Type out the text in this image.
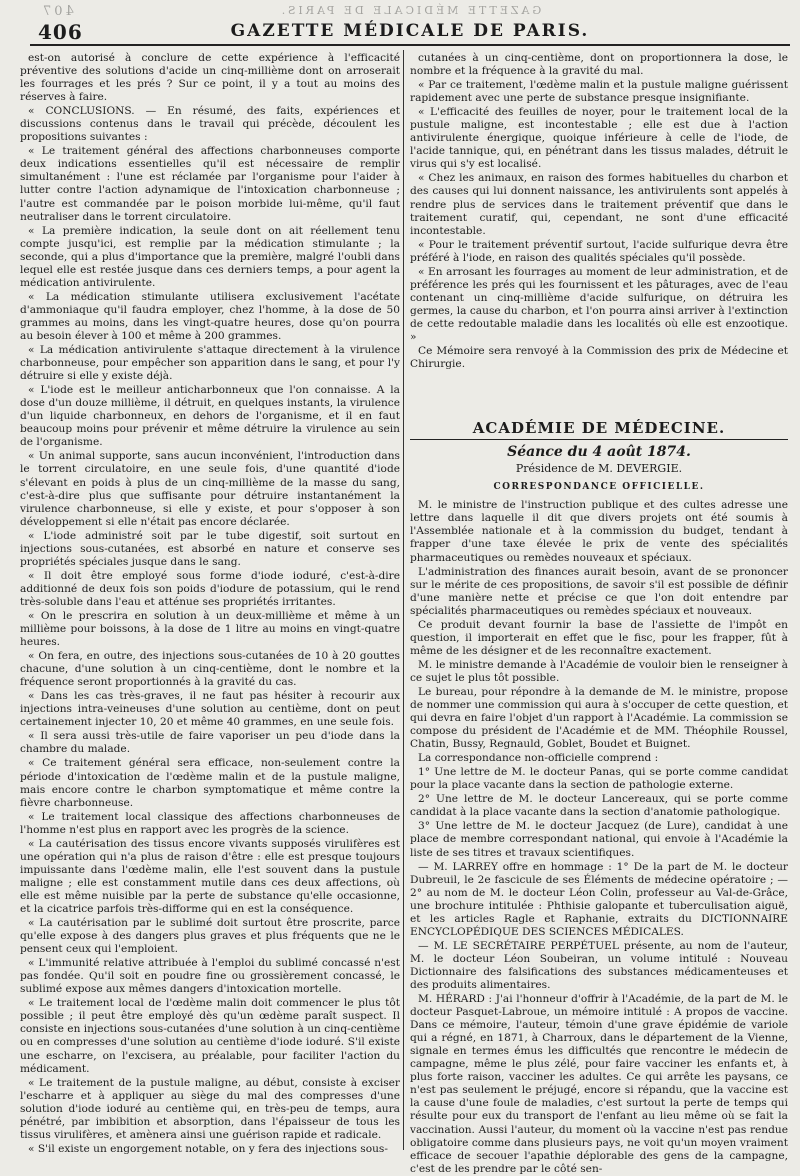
GAZETTE MÉDICALE DE PARIS.
407
GAZETTE MÉDICALE DE PARIS.
406

est-on autorisé à conclure de cette expérience à l'efficacité préventive des solutions d'acide un cinq-millième dont on arroserait les fourrages et les prés ? Sur ce point, il y a tout au moins des réserves à faire.

« CONCLUSIONS. — En résumé, des faits, expériences et discussions contenus dans le travail qui précède, découlent les propositions suivantes :

« Le traitement général des affections charbonneuses comporte deux indications essentielles qu'il est nécessaire de remplir simultanément : l'une est réclamée par l'organisme pour l'aider à lutter contre l'action adynamique de l'intoxication charbonneuse ; l'autre est commandée par le poison morbide lui-même, qu'il faut neutraliser dans le torrent circulatoire.

« La première indication, la seule dont on ait réellement tenu compte jusqu'ici, est remplie par la médication stimulante ; la seconde, qui a plus d'importance que la première, malgré l'oubli dans lequel elle est restée jusque dans ces derniers temps, a pour agent la médication antivirulente.

« La médication stimulante utilisera exclusivement l'acétate d'ammoniaque qu'il faudra employer, chez l'homme, à la dose de 50 grammes au moins, dans les vingt-quatre heures, dose qu'on pourra au besoin élever à 100 et même à 200 grammes.

« La médication antivirulente s'attaque directement à la virulence charbonneuse, pour empêcher son apparition dans le sang, et pour l'y détruire si elle y existe déjà.

« L'iode est le meilleur anticharbonneux que l'on connaisse. A la dose d'un douze millième, il détruit, en quelques instants, la virulence d'un liquide charbonneux, en dehors de l'organisme, et il en faut beaucoup moins pour prévenir et même détruire la virulence au sein de l'organisme.

« Un animal supporte, sans aucun inconvénient, l'introduction dans le torrent circulatoire, en une seule fois, d'une quantité d'iode s'élevant en poids à plus de un cinq-millième de la masse du sang, c'est-à-dire plus que suffisante pour détruire instantanément la virulence charbonneuse, si elle y existe, et pour s'opposer à son développement si elle n'était pas encore déclarée.

« L'iode administré soit par le tube digestif, soit surtout en injections sous-cutanées, est absorbé en nature et conserve ses propriétés spéciales jusque dans le sang.

« Il doit être employé sous forme d'iode ioduré, c'est-à-dire additionné de deux fois son poids d'iodure de potassium, qui le rend très-soluble dans l'eau et atténue ses propriétés irritantes.

« On le prescrira en solution à un deux-millième et même à un millième pour boissons, à la dose de 1 litre au moins en vingt-quatre heures.

« On fera, en outre, des injections sous-cutanées de 10 à 20 gouttes chacune, d'une solution à un cinq-centième, dont le nombre et la fréquence seront proportionnés à la gravité du cas.

« Dans les cas très-graves, il ne faut pas hésiter à recourir aux injections intra-veineuses d'une solution au centième, dont on peut certainement injecter 10, 20 et même 40 grammes, en une seule fois.

« Il sera aussi très-utile de faire vaporiser un peu d'iode dans la chambre du malade.

« Ce traitement général sera efficace, non-seulement contre la période d'intoxication de l'œdème malin et de la pustule maligne, mais encore contre le charbon symptomatique et même contre la fièvre charbonneuse.

« Le traitement local classique des affections charbonneuses de l'homme n'est plus en rapport avec les progrès de la science.

« La cautérisation des tissus encore vivants supposés virulifères est une opération qui n'a plus de raison d'être : elle est presque toujours impuissante dans l'œdème malin, elle l'est souvent dans la pustule maligne ; elle est constamment mutile dans ces deux affections, où elle est même nuisible par la perte de substance qu'elle occasionne, et la cicatrice parfois très-difforme qui en est la conséquence.

« La cautérisation par le sublimé doit surtout être proscrite, parce qu'elle expose à des dangers plus graves et plus fréquents que ne le pensent ceux qui l'emploient.

« L'immunité relative attribuée à l'emploi du sublimé concassé n'est pas fondée. Qu'il soit en poudre fine ou grossièrement concassé, le sublimé expose aux mêmes dangers d'intoxication mortelle.

« Le traitement local de l'œdème malin doit commencer le plus tôt possible ; il peut être employé dès qu'un œdème paraît suspect. Il consiste en injections sous-cutanées d'une solution à un cinq-centième ou en compresses d'une solution au centième d'iode ioduré. S'il existe une escharre, on l'excisera, au préalable, pour faciliter l'action du médicament.

« Le traitement de la pustule maligne, au début, consiste à exciser l'escharre et à appliquer au siège du mal des compresses d'une solution d'iode ioduré au centième qui, en très-peu de temps, aura pénétré, par imbibition et absorption, dans l'épaisseur de tous les tissus virulifères, et amènera ainsi une guérison rapide et radicale.

« S'il existe un engorgement notable, on y fera des injections sous-

cutanées à un cinq-centième, dont on proportionnera la dose, le nombre et la fréquence à la gravité du mal.

« Par ce traitement, l'œdème malin et la pustule maligne guérissent rapidement avec une perte de substance presque insignifiante.

« L'efficacité des feuilles de noyer, pour le traitement local de la pustule maligne, est incontestable ; elle est due à l'action antivirulente énergique, quoique inférieure à celle de l'iode, de l'acide tannique, qui, en pénétrant dans les tissus malades, détruit le virus qui s'y est localisé.

« Chez les animaux, en raison des formes habituelles du charbon et des causes qui lui donnent naissance, les antivirulents sont appelés à rendre plus de services dans le traitement préventif que dans le traitement curatif, qui, cependant, ne sont d'une efficacité incontestable.

« Pour le traitement préventif surtout, l'acide sulfurique devra être préféré à l'iode, en raison des qualités spéciales qu'il possède.

« En arrosant les fourrages au moment de leur administration, et de préférence les prés qui les fournissent et les pâturages, avec de l'eau contenant un cinq-millième d'acide sulfurique, on détruira les germes, la cause du charbon, et l'on pourra ainsi arriver à l'extinction de cette redoutable maladie dans les localités où elle est enzootique. »

Ce Mémoire sera renvoyé à la Commission des prix de Médecine et Chirurgie.

ACADÉMIE DE MÉDECINE.
Séance du 4 août 1874.
Présidence de M. DEVERGIE.
CORRESPONDANCE OFFICIELLE.

M. le ministre de l'instruction publique et des cultes adresse une lettre dans laquelle il dit que divers projets ont été soumis à l'Assemblée nationale et à la commission du budget, tendant à frapper d'une taxe élevée le prix de vente des spécialités pharmaceutiques ou remèdes nouveaux et spéciaux.

L'administration des finances aurait besoin, avant de se prononcer sur le mérite de ces propositions, de savoir s'il est possible de définir d'une manière nette et précise ce que l'on doit entendre par spécialités pharmaceutiques ou remèdes spéciaux et nouveaux.

Ce produit devant fournir la base de l'assiette de l'impôt en question, il importerait en effet que le fisc, pour les frapper, fût à même de les désigner et de les reconnaître exactement.

M. le ministre demande à l'Académie de vouloir bien le renseigner à ce sujet le plus tôt possible.

Le bureau, pour répondre à la demande de M. le ministre, propose de nommer une commission qui aura à s'occuper de cette question, et qui devra en faire l'objet d'un rapport à l'Académie. La commission se compose du président de l'Académie et de MM. Théophile Roussel, Chatin, Bussy, Regnauld, Goblet, Boudet et Buignet.

La correspondance non-officielle comprend :

1° Une lettre de M. le docteur Panas, qui se porte comme candidat pour la place vacante dans la section de pathologie externe.

2° Une lettre de M. le docteur Lancereaux, qui se porte comme candidat à la place vacante dans la section d'anatomie pathologique.

3° Une lettre de M. le docteur Jacquez (de Lure), candidat à une place de membre correspondant national, qui envoie à l'Académie la liste de ses titres et travaux scientifiques.

— M. LARREY offre en hommage : 1° De la part de M. le docteur Dubreuil, le 2e fascicule de ses Éléments de médecine opératoire ; — 2° au nom de M. le docteur Léon Colin, professeur au Val-de-Grâce, une brochure intitulée : Phthisie galopante et tuberculisation aiguë, et les articles Ragle et Raphanie, extraits du DICTIONNAIRE ENCYCLOPÉDIQUE DES SCIENCES MÉDICALES.

— M. LE SECRÉTAIRE PERPÉTUEL présente, au nom de l'auteur, M. le docteur Léon Soubeiran, un volume intitulé : Nouveau Dictionnaire des falsifications des substances médicamenteuses et des produits alimentaires.

M. HÉRARD : J'ai l'honneur d'offrir à l'Académie, de la part de M. le docteur Pasquet-Labroue, un mémoire intitulé : A propos de vaccine. Dans ce mémoire, l'auteur, témoin d'une grave épidémie de variole qui a régné, en 1871, à Charroux, dans le département de la Vienne, signale en termes émus les difficultés que rencontre le médecin de campagne, même le plus zélé, pour faire vacciner les enfants et, à plus forte raison, vacciner les adultes. Ce qui arrête les paysans, ce n'est pas seulement le préjugé, encore si répandu, que la vaccine est la cause d'une foule de maladies, c'est surtout la perte de temps qui résulte pour eux du transport de l'enfant au lieu même où se fait la vaccination. Aussi l'auteur, du moment où la vaccine n'est pas rendue obligatoire comme dans plusieurs pays, ne voit qu'un moyen vraiment efficace de secouer l'apathie déplorable des gens de la campagne, c'est de les prendre par le côté sen-
